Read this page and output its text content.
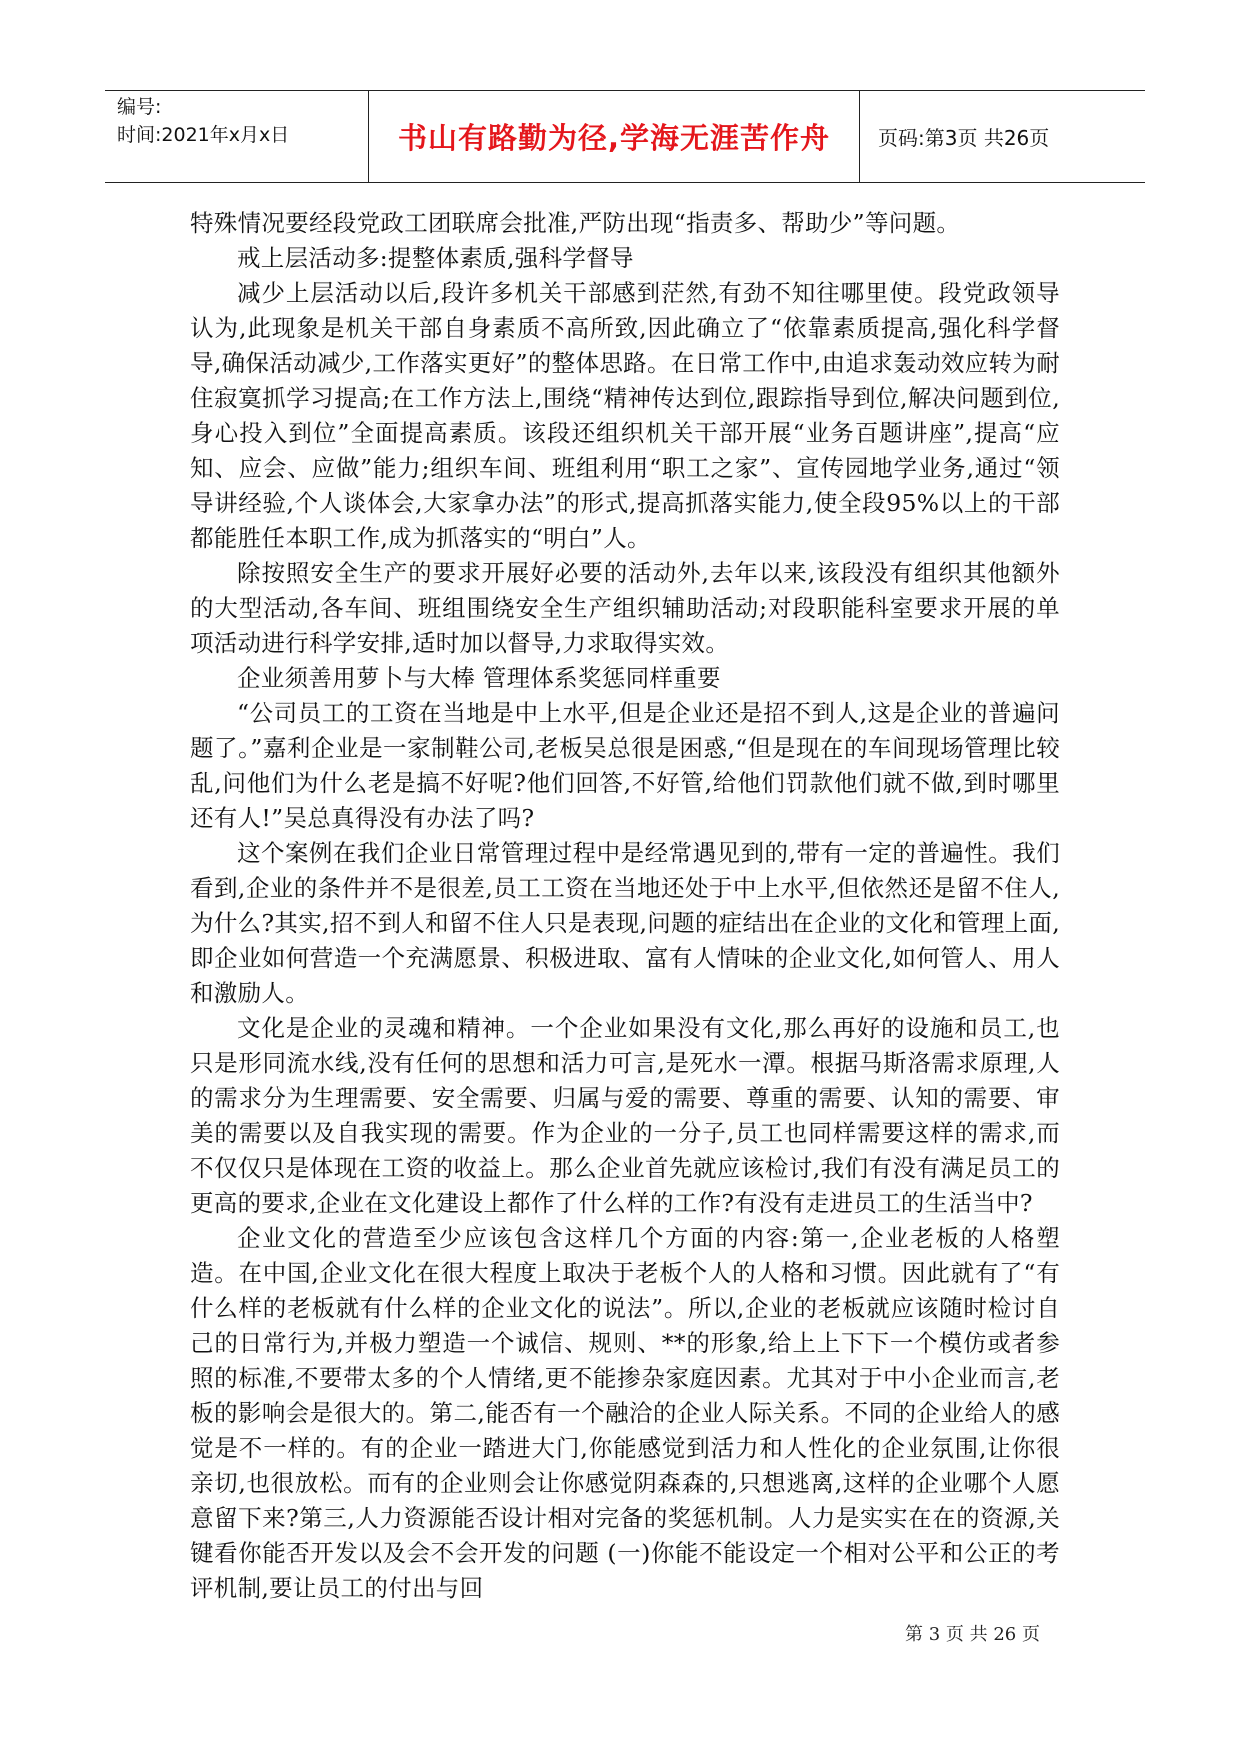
编号:
时间:2021年x月x日	书山有路勤为径,学海无涯苦作舟 页码:第3页 共26页

特殊情况要经段党政工团联席会批准,严防出现“指责多、帮助少”等问题。

戒上层活动多:提整体素质,强科学督导

减少上层活动以后,段许多机关干部感到茫然,有劲不知往哪里使。段党政领导认为,此现象是机关干部自身素质不高所致,因此确立了“依靠素质提高,强化科学督导,确保活动减少,工作落实更好”的整体思路。在日常工作中,由追求轰动效应转为耐住寂寞抓学习提高;在工作方法上,围绕“精神传达到位,跟踪指导到位,解决问题到位,身心投入到位”全面提高素质。该段还组织机关干部开展“业务百题讲座”,提高“应知、应会、应做”能力;组织车间、班组利用“职工之家”、宣传园地学业务,通过“领导讲经验,个人谈体会,大家拿办法”的形式,提高抓落实能力,使全段95%以上的干部都能胜任本职工作,成为抓落实的“明白”人。

除按照安全生产的要求开展好必要的活动外,去年以来,该段没有组织其他额外的大型活动,各车间、班组围绕安全生产组织辅助活动;对段职能科室要求开展的单项活动进行科学安排,适时加以督导,力求取得实效。

企业须善用萝卜与大棒 管理体系奖惩同样重要

“公司员工的工资在当地是中上水平,但是企业还是招不到人,这是企业的普遍问题了。”嘉利企业是一家制鞋公司,老板吴总很是困惑,“但是现在的车间现场管理比较乱,问他们为什么老是搞不好呢?他们回答,不好管,给他们罚款他们就不做,到时哪里还有人!”吴总真得没有办法了吗?

这个案例在我们企业日常管理过程中是经常遇见到的,带有一定的普遍性。我们看到,企业的条件并不是很差,员工工资在当地还处于中上水平,但依然还是留不住人,为什么?其实,招不到人和留不住人只是表现,问题的症结出在企业的文化和管理上面,即企业如何营造一个充满愿景、积极进取、富有人情味的企业文化,如何管人、用人和激励人。

文化是企业的灵魂和精神。一个企业如果没有文化,那么再好的设施和员工,也只是形同流水线,没有任何的思想和活力可言,是死水一潭。根据马斯洛需求原理,人的需求分为生理需要、安全需要、归属与爱的需要、尊重的需要、认知的需要、审美的需要以及自我实现的需要。作为企业的一分子,员工也同样需要这样的需求,而不仅仅只是体现在工资的收益上。那么企业首先就应该检讨,我们有没有满足员工的更高的要求,企业在文化建设上都作了什么样的工作?有没有走进员工的生活当中?

企业文化的营造至少应该包含这样几个方面的内容:第一,企业老板的人格塑造。在中国,企业文化在很大程度上取决于老板个人的人格和习惯。因此就有了“有什么样的老板就有什么样的企业文化的说法”。所以,企业的老板就应该随时检讨自己的日常行为,并极力塑造一个诚信、规则、**的形象,给上上下下一个模仿或者参照的标准,不要带太多的个人情绪,更不能掺杂家庭因素。尤其对于中小企业而言,老板的影响会是很大的。第二,能否有一个融洽的企业人际关系。不同的企业给人的感觉是不一样的。有的企业一踏进大门,你能感觉到活力和人性化的企业氛围,让你很亲切,也很放松。而有的企业则会让你感觉阴森森的,只想逃离,这样的企业哪个人愿意留下来?第三,人力资源能否设计相对完备的奖惩机制。人力是实实在在的资源,关键看你能否开发以及会不会开发的问题 (一)你能不能设定一个相对公平和公正的考评机制,要让员工的付出与回

第 3 页 共 26 页
